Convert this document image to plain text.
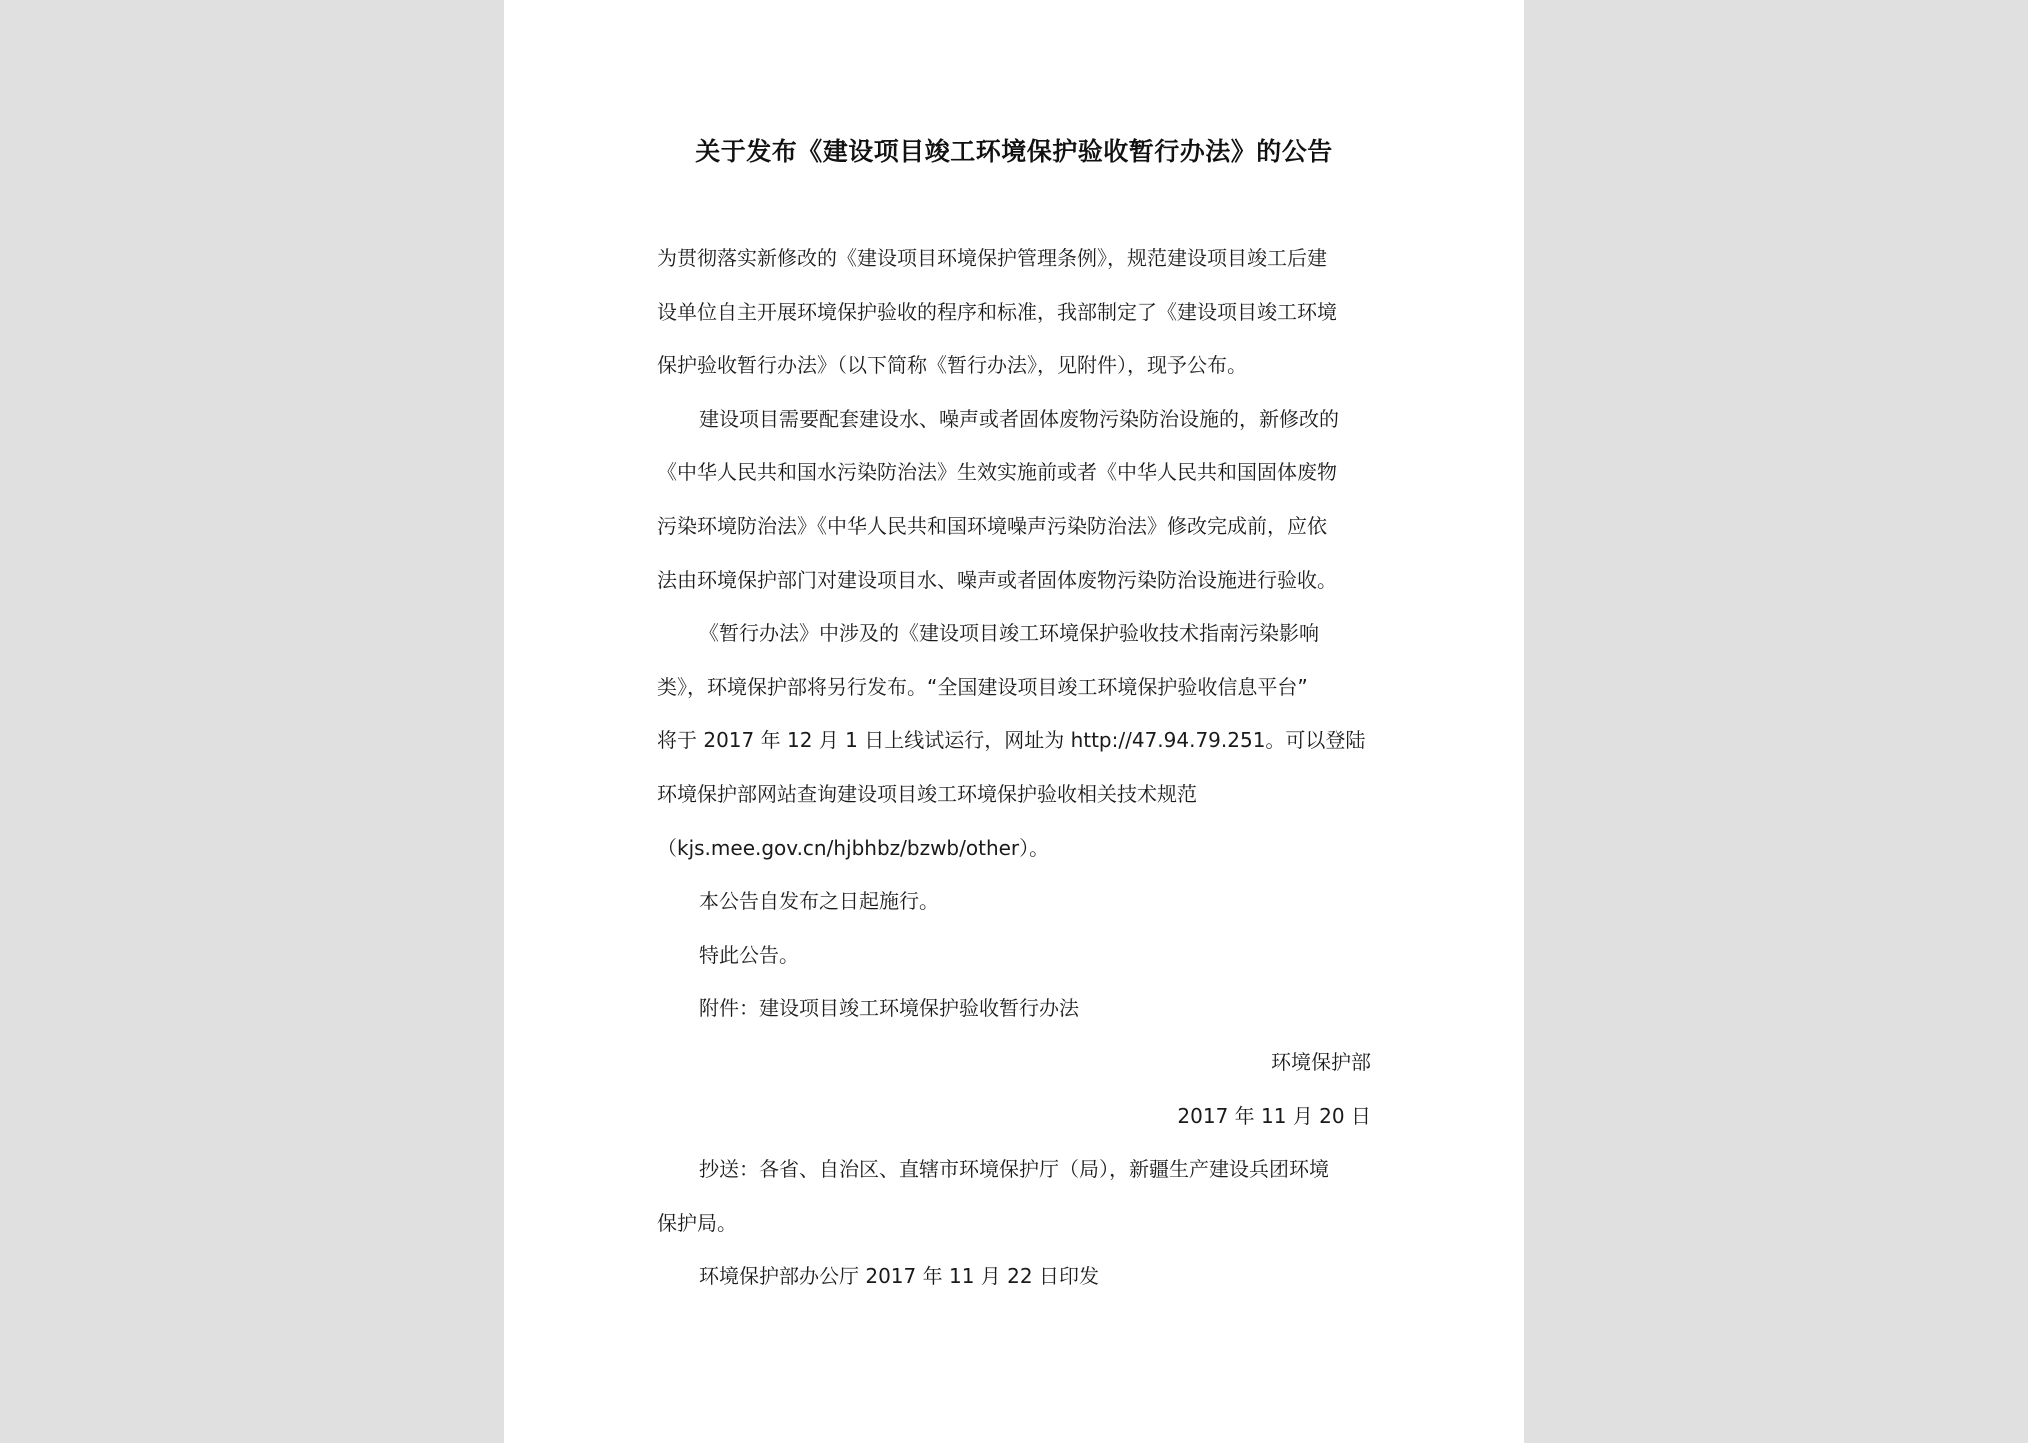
关于发布《建设项目竣工环境保护验收暂行办法》的公告
为贯彻落实新修改的《建设项目环境保护管理条例》，规范建设项目竣工后建
设单位自主开展环境保护验收的程序和标准，我部制定了《建设项目竣工环境
保护验收暂行办法》（以下简称《暂行办法》，见附件），现予公布。
建设项目需要配套建设水、噪声或者固体废物污染防治设施的，新修改的
《中华人民共和国水污染防治法》生效实施前或者《中华人民共和国固体废物
污染环境防治法》《中华人民共和国环境噪声污染防治法》修改完成前，应依
法由环境保护部门对建设项目水、噪声或者固体废物污染防治设施进行验收。
《暂行办法》中涉及的《建设项目竣工环境保护验收技术指南污染影响
类》，环境保护部将另行发布。“全国建设项目竣工环境保护验收信息平台”
将于 2017 年 12 月 1 日上线试运行，网址为 http://47.94.79.251。可以登陆
环境保护部网站查询建设项目竣工环境保护验收相关技术规范
（kjs.mee.gov.cn/hjbhbz/bzwb/other）。
本公告自发布之日起施行。
特此公告。
附件：建设项目竣工环境保护验收暂行办法
环境保护部
2017 年 11 月 20 日
抄送：各省、自治区、直辖市环境保护厅（局），新疆生产建设兵团环境
保护局。
环境保护部办公厅 2017 年 11 月 22 日印发
